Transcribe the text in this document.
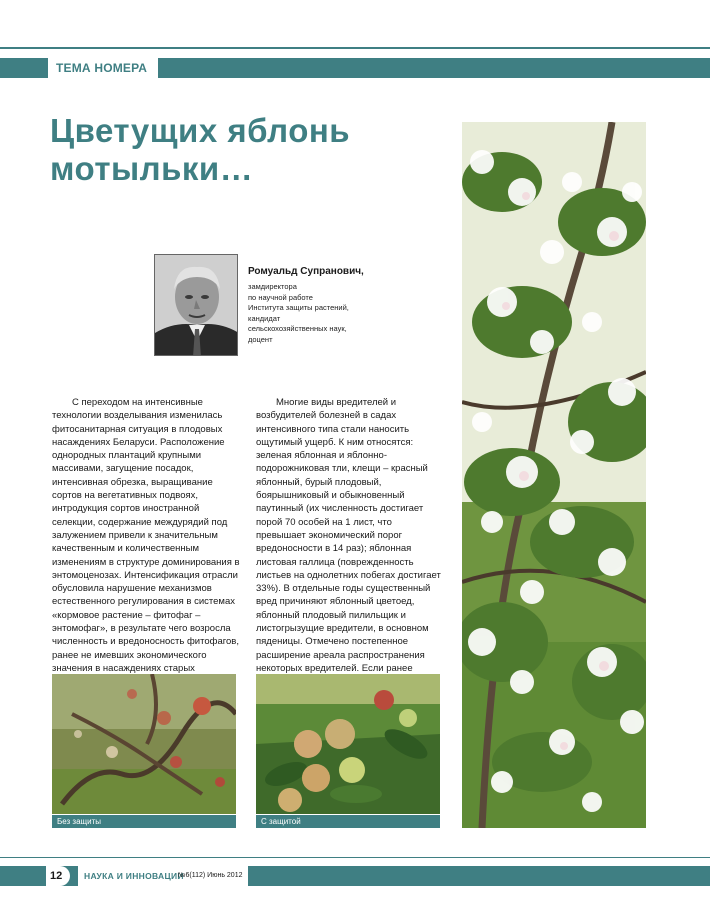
ТЕМА НОМЕРА
Цветущих яблонь
мотыльки…
Ромуальд Супранович,
замдиректора
по научной работе
Института защиты растений,
кандидат
сельскохозяйственных наук,
доцент

С переходом на интенсивные технологии возделывания изменилась фитосанитарная ситуация в плодовых насаждениях Беларуси. Расположение однородных плантаций крупными массивами, загущение посадок, интенсивная обрезка, выращивание сортов на вегетативных подвоях, интродукция сортов иностранной селекции, содержание междурядий под залужением привели к значительным качественным и количественным изменениям в структуре доминирования в энтомоценозах. Интенсификация отрасли обусловила нарушение механизмов естественного регулирования в системах «кормовое растение – фитофаг – энтомофаг», в результате чего возросла численность и вредоносность фитофагов, ранее не имевших экономического значения в насаждениях старых

Многие виды вредителей и возбудителей болезней в садах интенсивного типа стали наносить ощутимый ущерб. К ним относятся: зеленая яблонная и яблонно-подорожниковая тли, клещи – красный яблонный, бурый плодовый, боярышниковый и обыкновенный паутинный (их численность достигает порой 70 особей на 1 лист, что превышает экономический порог вредоносности в 14 раз); яблонная листовая галлица (поврежденность листьев на однолетних побегах достигает 33%). В отдельные годы существенный вред причиняют яблонный цветоед, яблонный плодовый пилильщик и листогрызущие вредители, в основном пяденицы. Отмечено постепенное расширение ареала распространения некоторых вредителей. Если ранее

Без защиты	С защитой
12	НАУКА И ИННОВАЦИИ
№6(112) Июнь 2012
